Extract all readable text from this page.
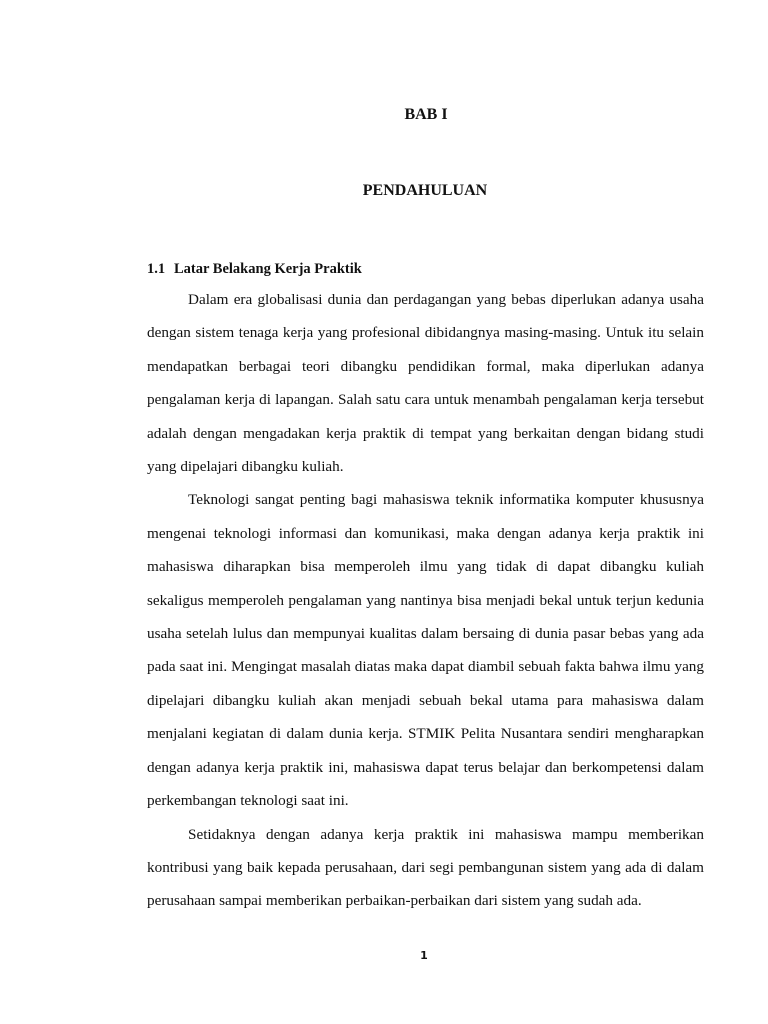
BAB I
PENDAHULUAN
1.1 Latar Belakang Kerja Praktik

Dalam era globalisasi dunia dan perdagangan yang bebas diperlukan adanya usaha dengan sistem tenaga kerja yang profesional dibidangnya masing-masing. Untuk itu selain mendapatkan berbagai teori dibangku pendidikan formal, maka diperlukan adanya pengalaman kerja di lapangan. Salah satu cara untuk menambah pengalaman kerja tersebut adalah dengan mengadakan kerja praktik di tempat yang berkaitan dengan bidang studi yang dipelajari dibangku kuliah.

Teknologi sangat penting bagi mahasiswa teknik informatika komputer khususnya mengenai teknologi informasi dan komunikasi, maka dengan adanya kerja praktik ini mahasiswa diharapkan bisa memperoleh ilmu yang tidak di dapat dibangku kuliah sekaligus memperoleh pengalaman yang nantinya bisa menjadi bekal untuk terjun kedunia usaha setelah lulus dan mempunyai kualitas dalam bersaing di dunia pasar bebas yang ada pada saat ini. Mengingat masalah diatas maka dapat diambil sebuah fakta bahwa ilmu yang dipelajari dibangku kuliah akan menjadi sebuah bekal utama para mahasiswa dalam menjalani kegiatan di dalam dunia kerja. STMIK Pelita Nusantara sendiri mengharapkan dengan adanya kerja praktik ini, mahasiswa dapat terus belajar dan berkompetensi dalam perkembangan teknologi saat ini.

Setidaknya dengan adanya kerja praktik ini mahasiswa mampu memberikan kontribusi yang baik kepada perusahaan, dari segi pembangunan sistem yang ada di dalam perusahaan sampai memberikan perbaikan-perbaikan dari sistem yang sudah ada.

1
